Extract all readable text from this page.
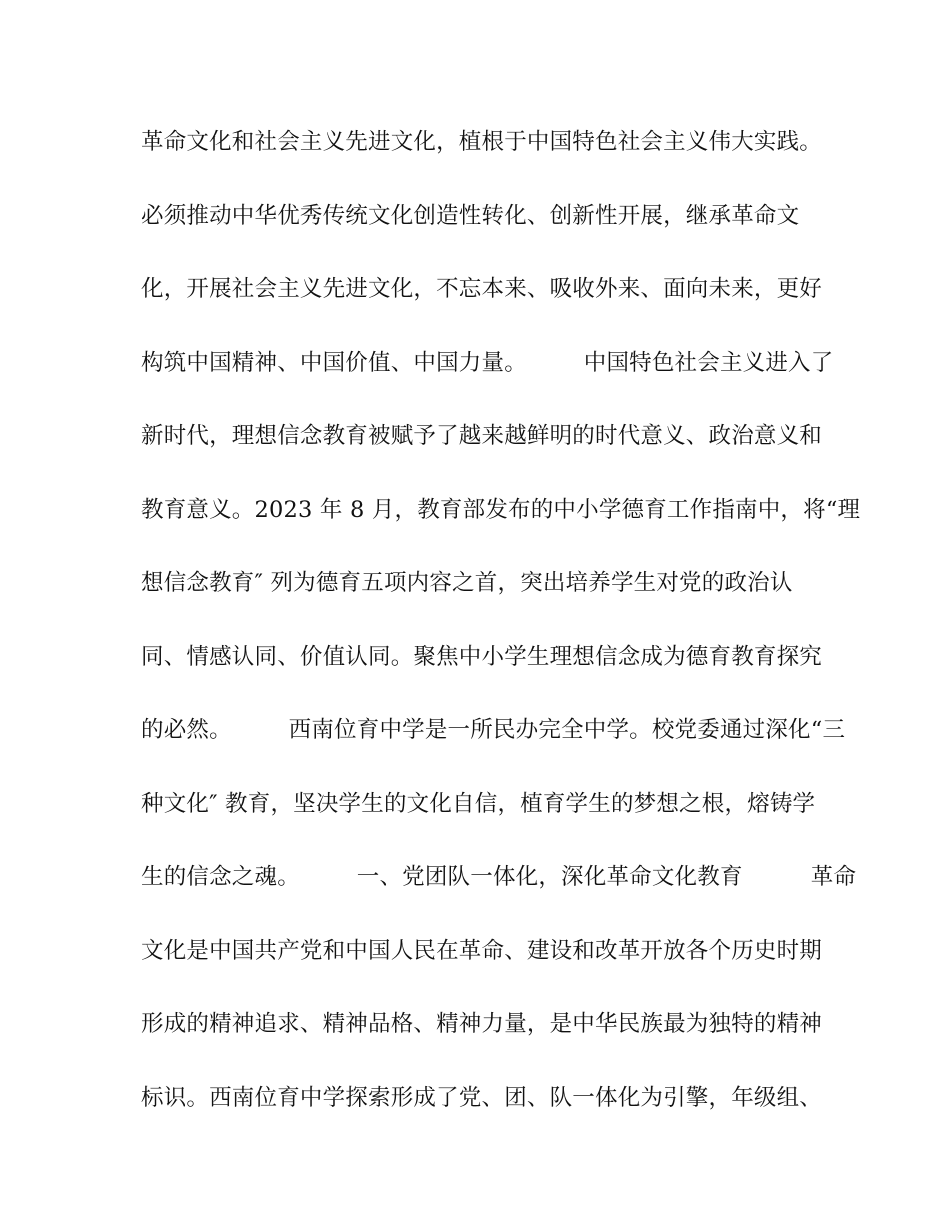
革命文化和社会主义先进文化，植根于中国特色社会主义伟大实践。
必须推动中华优秀传统文化创造性转化、创新性开展，继承革命文
化，开展社会主义先进文化，不忘本来、吸收外来、面向未来，更好
构筑中国精神、中国价值、中国力量。　　　中国特色社会主义进入了
新时代，理想信念教育被赋予了越来越鲜明的时代意义、政治意义和
教育意义。2023 年 8 月，教育部发布的中小学德育工作指南中，将“理
想信念教育″ 列为德育五项内容之首，突出培养学生对党的政治认
同、情感认同、价值认同。聚焦中小学生理想信念成为德育教育探究
的必然。　　　西南位育中学是一所民办完全中学。校党委通过深化“三
种文化″ 教育，坚决学生的文化自信，植育学生的梦想之根，熔铸学
生的信念之魂。　　　一、党团队一体化，深化革命文化教育　　　革命
文化是中国共产党和中国人民在革命、建设和改革开放各个历史时期
形成的精神追求、精神品格、精神力量，是中华民族最为独特的精神
标识。西南位育中学探索形成了党、团、队一体化为引擎，年级组、
